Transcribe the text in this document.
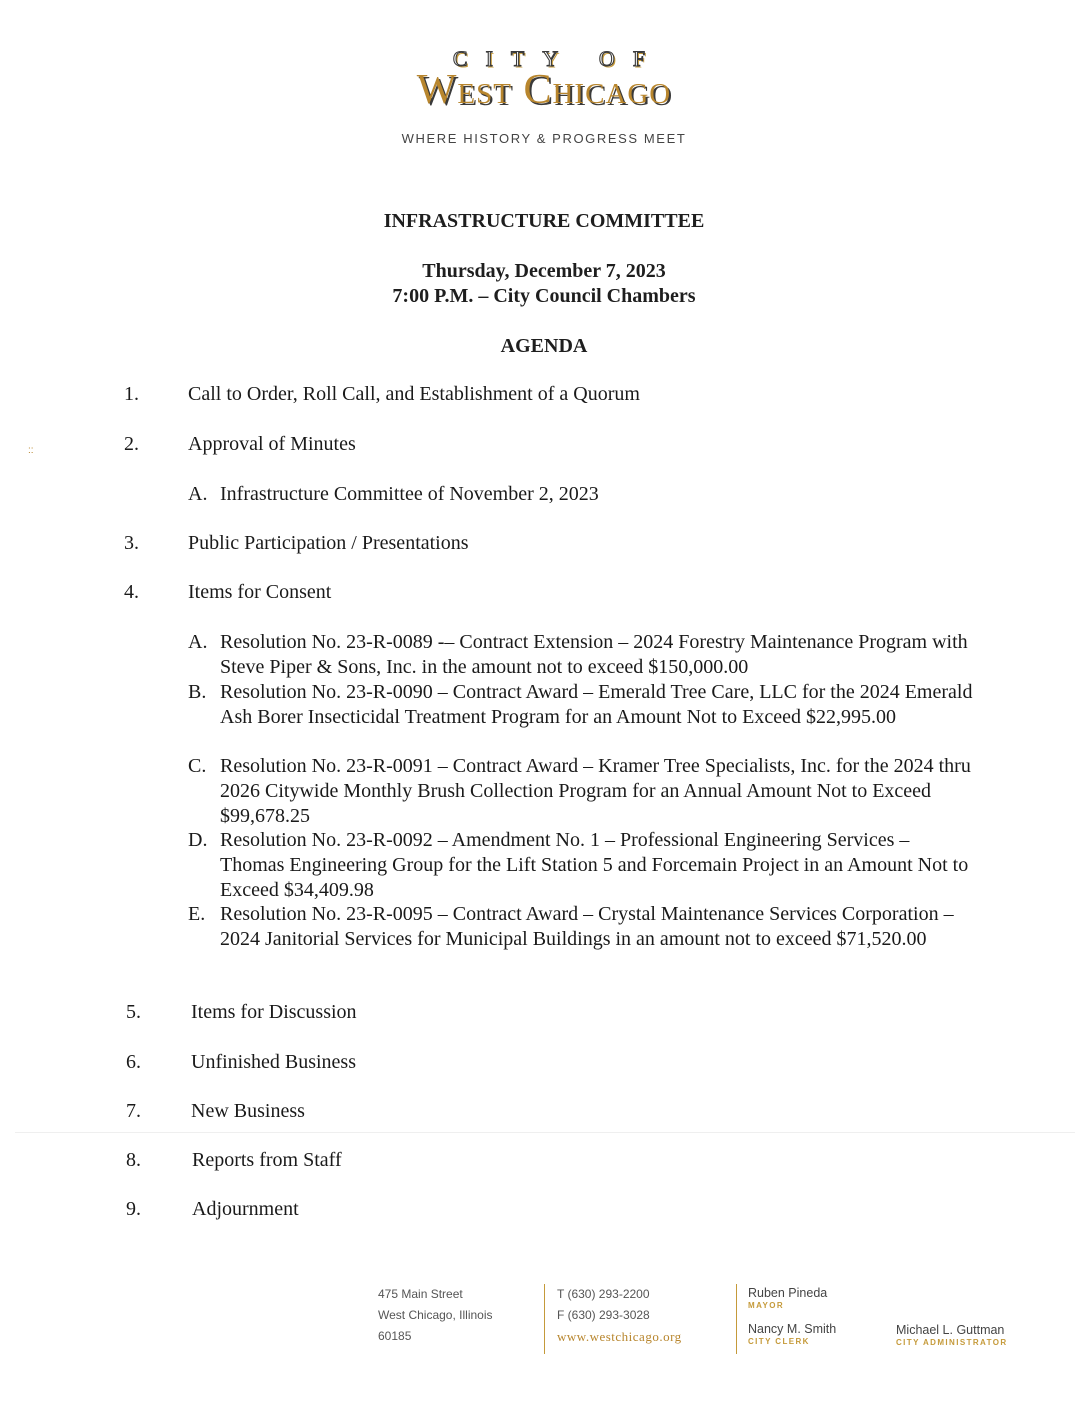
CITY OF
West Chicago
WHERE HISTORY & PROGRESS MEET
INFRASTRUCTURE COMMITTEE
Thursday, December 7, 2023
7:00 P.M. – City Council Chambers
AGENDA
::
1. Call to Order, Roll Call, and Establishment of a Quorum
2. Approval of Minutes
A. Infrastructure Committee of November 2, 2023
3. Public Participation / Presentations
4. Items for Consent
A. Resolution No. 23-R-0089 -– Contract Extension – 2024 Forestry Maintenance Program with Steve Piper & Sons, Inc. in the amount not to exceed $150,000.00
B. Resolution No. 23-R-0090 – Contract Award – Emerald Tree Care, LLC for the 2024 Emerald Ash Borer Insecticidal Treatment Program for an Amount Not to Exceed $22,995.00
C. Resolution No. 23-R-0091 – Contract Award – Kramer Tree Specialists, Inc. for the 2024 thru 2026 Citywide Monthly Brush Collection Program for an Annual Amount Not to Exceed $99,678.25
D. Resolution No. 23-R-0092 – Amendment No. 1 – Professional Engineering Services – Thomas Engineering Group for the Lift Station 5 and Forcemain Project in an Amount Not to Exceed $34,409.98
E. Resolution No. 23-R-0095 – Contract Award – Crystal Maintenance Services Corporation – 2024 Janitorial Services for Municipal Buildings in an amount not to exceed $71,520.00
5.	Items for Discussion
6.	Unfinished Business
7.	New Business
8.	Reports from Staff
9.	Adjournment
475 Main Street
West Chicago, Illinois
60185
T (630) 293-2200
F (630) 293-3028
www.westchicago.org
Ruben Pineda
MAYOR
Nancy M. Smith
CITY CLERK
Michael L. Guttman
CITY ADMINISTRATOR
